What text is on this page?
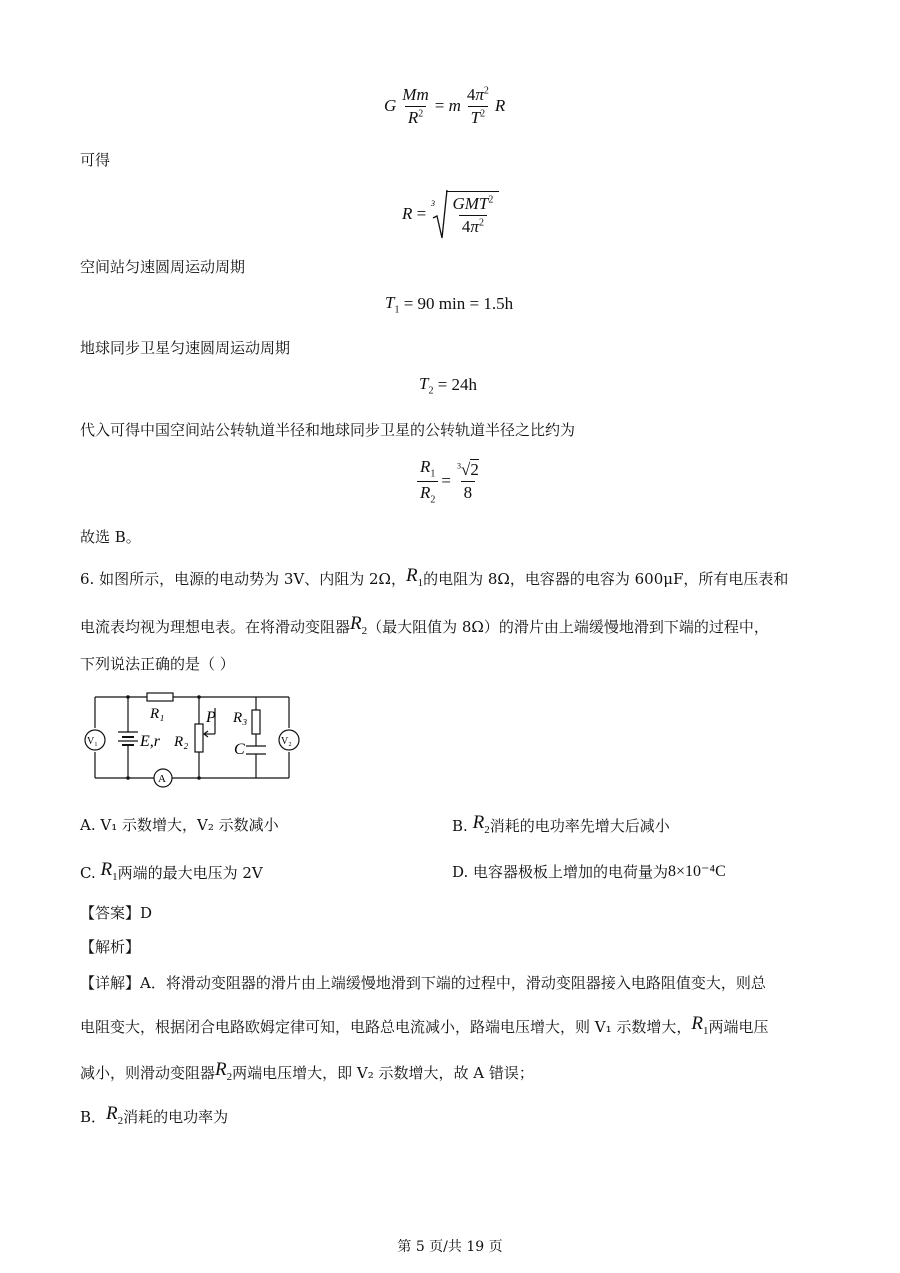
G $\frac{Mm}{R^2}$ =
m $\frac{4\pi^2}{T^2}$ R
可得
R
=

$3 \frac{GMT^2}{4\pi^2}$
空间站匀速圆周运动周期
$T_1$
= 90 min = 1.5h
地球同步卫星匀速圆周运动周期
$T_2$
= 24h
代入可得中国空间站公转轨道半径和地球同步卫星的公转轨道半径之比约为
$\frac{R_1}{R_2} = \frac{^3√2}{8}$
故选 B。
6.
如图所示，电源的电动势为 3V、内阻为 2Ω， $R_1$ 的电阻为 8Ω，电容器的电容为 600μF，所有电压表和
电流表均视为理想电表。在将滑动变阻器 $R_2$ （最大阻值为 8Ω）的滑片由上端缓慢地滑到下端的过程中，
下列说法正确的是（ ）
R₁
E,r R₂
P R₃
C
V₁	V₂
A
A. V₁ 示数增大，V₂ 示数减小	B.
$R_2$ 消耗的电功率先增大后减小
C.
$R_1$ 两端的最大电压为 2V	D. 电容器极板上增加的电荷量为 8×10⁻⁴C
【答案】D
【解析】
【详解】A．将滑动变阻器的滑片由上端缓慢地滑到下端的过程中，滑动变阻器接入电路阻值变大，则总
电阻变大，根据闭合电路欧姆定律可知，电路总电流减小，路端电压增大，则 V₁ 示数增大， $R_1$ 两端电压
减小，则滑动变阻器 $R_2$ 两端电压增大，即 V₂ 示数增大，故 A 错误；
B． $R_2$ 消耗的电功率为
第 5 页/共 19 页
